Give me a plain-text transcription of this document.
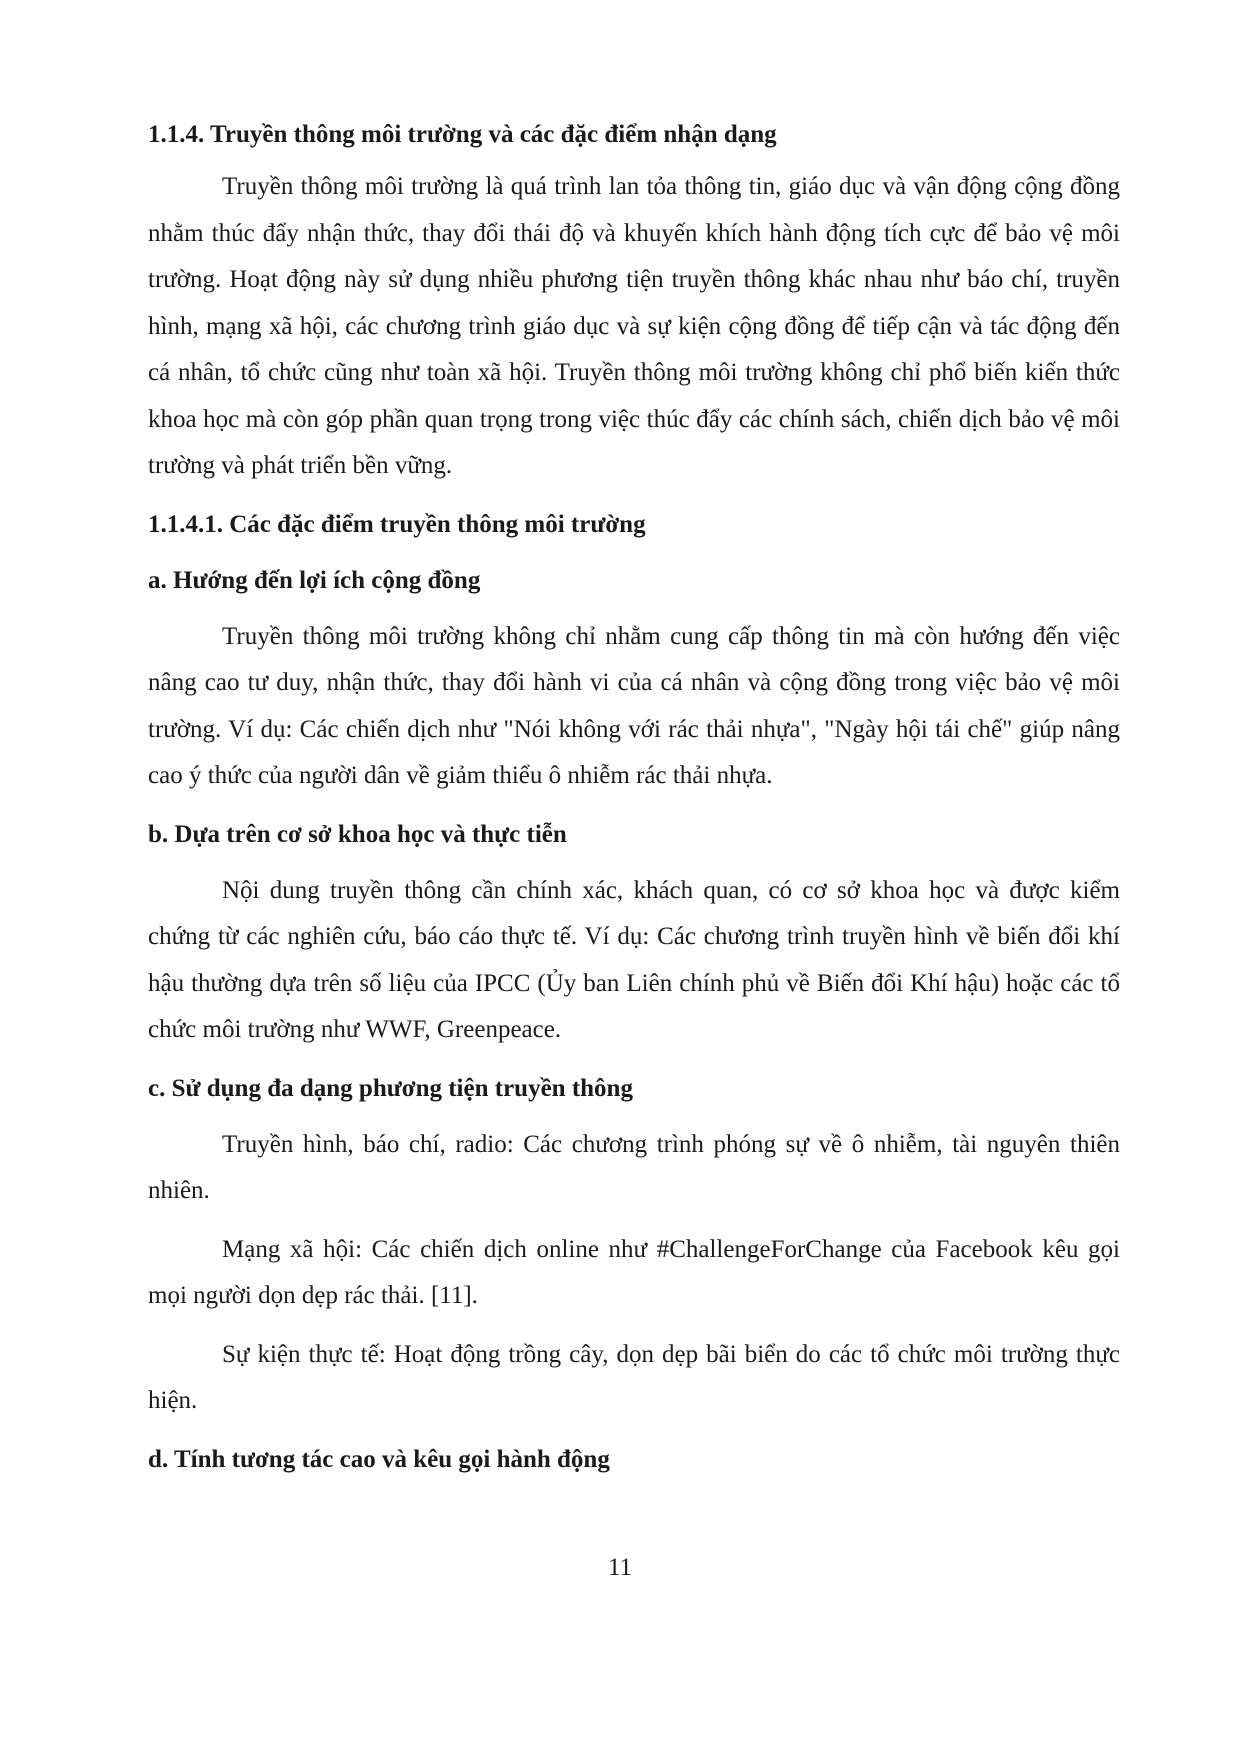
1.1.4. Truyền thông môi trường và các đặc điểm nhận dạng

Truyền thông môi trường là quá trình lan tỏa thông tin, giáo dục và vận động cộng đồng nhằm thúc đẩy nhận thức, thay đổi thái độ và khuyến khích hành động tích cực để bảo vệ môi trường. Hoạt động này sử dụng nhiều phương tiện truyền thông khác nhau như báo chí, truyền hình, mạng xã hội, các chương trình giáo dục và sự kiện cộng đồng để tiếp cận và tác động đến cá nhân, tổ chức cũng như toàn xã hội. Truyền thông môi trường không chỉ phổ biến kiến thức khoa học mà còn góp phần quan trọng trong việc thúc đẩy các chính sách, chiến dịch bảo vệ môi trường và phát triển bền vững.

1.1.4.1. Các đặc điểm truyền thông môi trường
a. Hướng đến lợi ích cộng đồng

Truyền thông môi trường không chỉ nhằm cung cấp thông tin mà còn hướng đến việc nâng cao tư duy, nhận thức, thay đổi hành vi của cá nhân và cộng đồng trong việc bảo vệ môi trường. Ví dụ: Các chiến dịch như "Nói không với rác thải nhựa", "Ngày hội tái chế" giúp nâng cao ý thức của người dân về giảm thiểu ô nhiễm rác thải nhựa.

b. Dựa trên cơ sở khoa học và thực tiễn

Nội dung truyền thông cần chính xác, khách quan, có cơ sở khoa học và được kiểm chứng từ các nghiên cứu, báo cáo thực tế. Ví dụ: Các chương trình truyền hình về biến đổi khí hậu thường dựa trên số liệu của IPCC (Ủy ban Liên chính phủ về Biến đổi Khí hậu) hoặc các tổ chức môi trường như WWF, Greenpeace.

c. Sử dụng đa dạng phương tiện truyền thông

Truyền hình, báo chí, radio: Các chương trình phóng sự về ô nhiễm, tài nguyên thiên nhiên.

Mạng xã hội: Các chiến dịch online như #ChallengeForChange của Facebook kêu gọi mọi người dọn dẹp rác thải. [11].

Sự kiện thực tế: Hoạt động trồng cây, dọn dẹp bãi biển do các tổ chức môi trường thực hiện.

d. Tính tương tác cao và kêu gọi hành động
11
